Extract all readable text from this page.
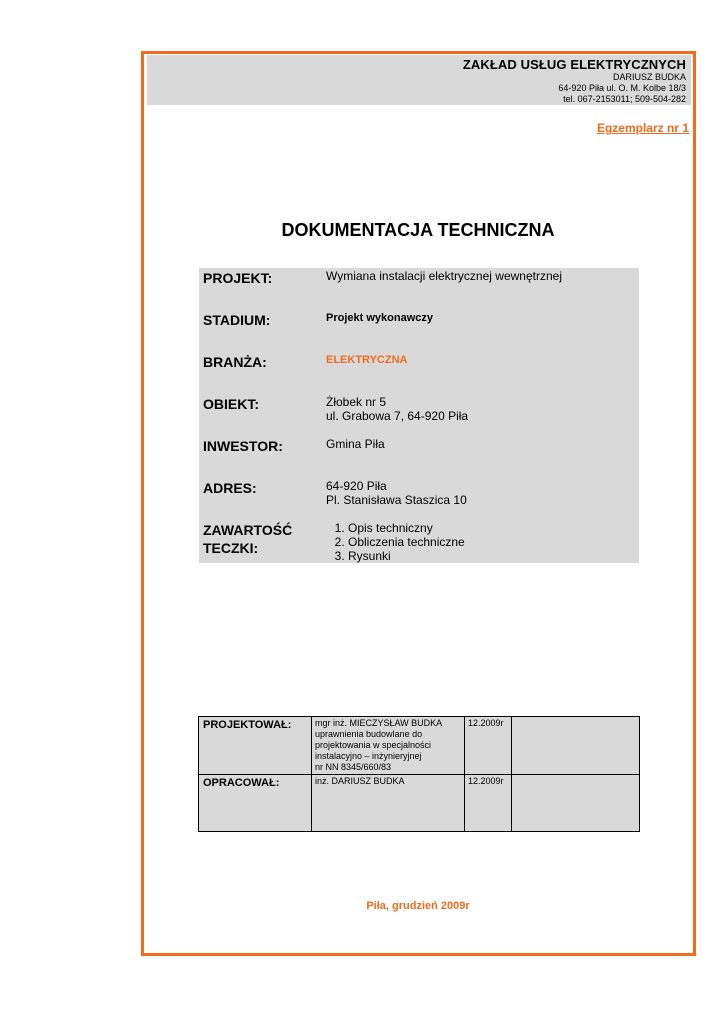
ZAKŁAD USŁUG ELEKTRYCZNYCH
DARIUSZ BUDKA
64-920 Piła ul. O. M. Kolbe 18/3
tel. 067-2153011; 509-504-282
Egzemplarz nr 1
DOKUMENTACJA TECHNICZNA
PROJEKT:	Wymiana instalacji elektrycznej wewnętrznej
STADIUM:	Projekt wykonawczy
BRANŻA:	ELEKTRYCZNA
OBIEKT:	Żłobek nr 5
ul. Grabowa 7, 64-920 Piła
INWESTOR:	Gmina Piła
ADRES:	64-920 Piła
Pl. Stanisława Staszica 10
ZAWARTOŚĆ
TECZKI:
1. Opis techniczny
2. Obliczenia techniczne
3. Rysunki
PROJEKTOWAŁ:	mgr inż. MIECZYSŁAW BUDKA
uprawnienia budowlane do
projektowania w specjalności
instalacyjno – inżynieryjnej
nr NN 8345/660/83	12.2009r	
OPRACOWAŁ:	inż. DARIUSZ BUDKA	12.2009r	
Piła, grudzień 2009r
